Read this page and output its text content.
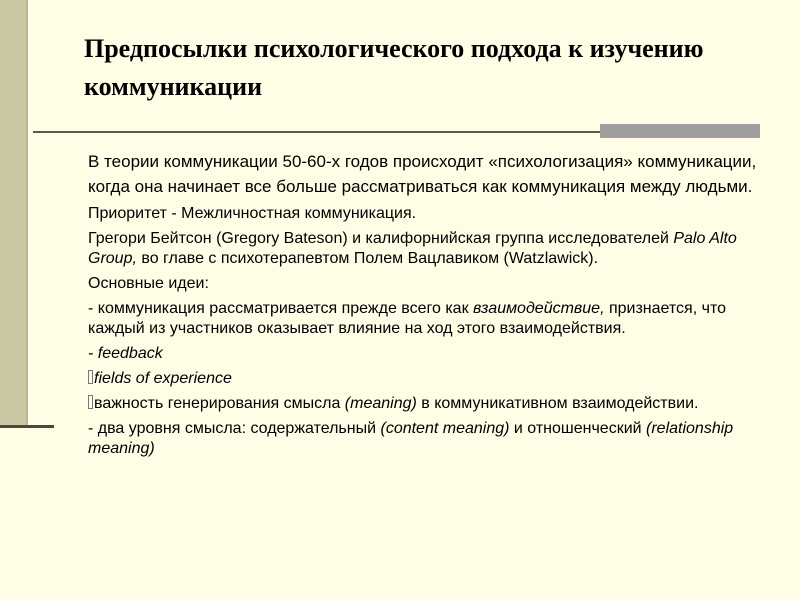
Предпосылки психологического подхода к изучению коммуникации

В теории коммуникации 50-60-х годов происходит «психологизация» коммуникации, когда она начинает все больше рассматриваться как коммуникация между людьми.

Приоритет - Межличностная коммуникация.

Грегори Бейтсон (Gregory Bateson) и калифорнийская группа исследователей Palo Alto Group, во главе с психотерапевтом Полем Вацлавиком (Watzlawick).

Основные идеи:

- коммуникация рассматривается прежде всего как взаимодействие, признается, что каждый из участников оказывает влияние на ход этого взаимодействия.

- feedback

fields of experience

важность генерирования смысла (meaning) в коммуникативном взаимодействии.

- два уровня смысла: содержательный (content meaning) и отношенческий (relationship meaning)
